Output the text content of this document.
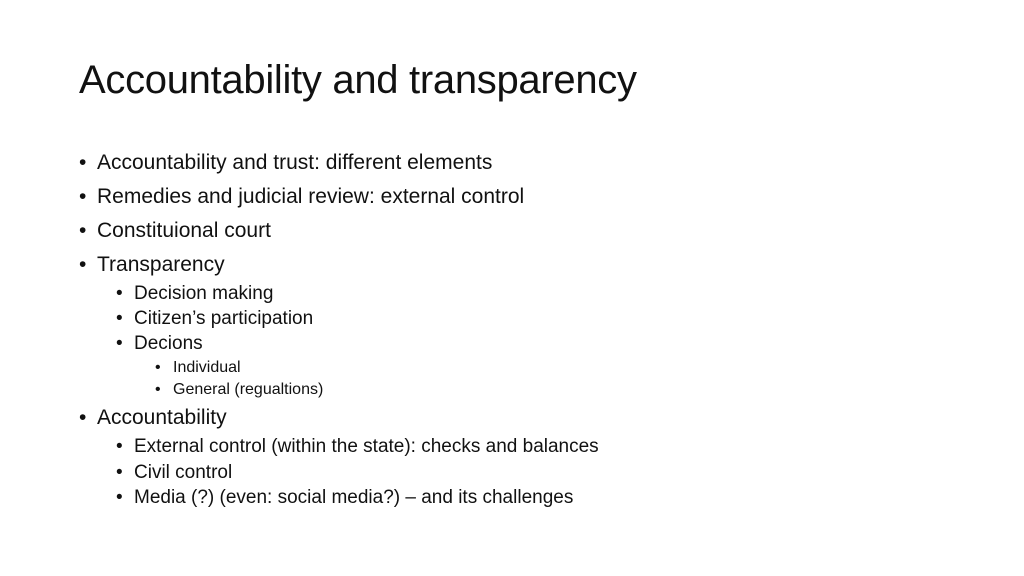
Accountability and transparency
• Accountability and trust: different elements
• Remedies and judicial review: external control
• Constituional court
• Transparency
• Decision making
• Citizen’s participation
• Decions
• Individual
• General (regualtions)
• Accountability
• External control (within the state): checks and balances
• Civil control
• Media (?) (even: social media?) – and its challenges
